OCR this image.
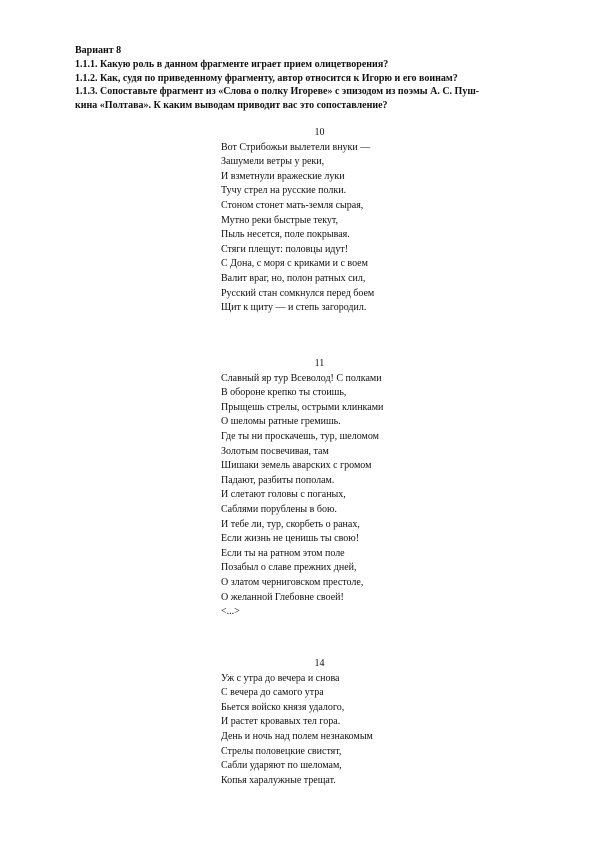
Вариант 8
1.1.1. Какую роль в данном фрагменте играет прием олицетворения?
1.1.2. Как, судя по приведенному фрагменту, автор относится к Игорю и его воинам?
1.1.3. Сопоставьте фрагмент из «Слова о полку Игореве» с эпизодом из поэмы А. С. Пуш-
кина «Полтава». К каким выводам приводит вас это сопоставление?
10
Вот Стрибожьи вылетели внуки —
Зашумели ветры у реки,
И взметнули вражеские луки
Тучу стрел на русские полки.
Стоном стонет мать-земля сырая,
Мутно реки быстрые текут,
Пыль несется, поле покрывая.
Стяги плещут: половцы идут!
С Дона, с моря с криками и с воем
Валит враг, но, полон ратных сил,
Русский стан сомкнулся перед боем
Щит к щиту — и степь загородил.
11
Славный яр тур Всеволод! С полками
В обороне крепко ты стоишь,
Прыщешь стрелы, острыми клинками
О шеломы ратные гремишь.
Где ты ни проскачешь, тур, шеломом
Золотым посвечивая, там
Шишаки земель аварских с громом
Падают, разбиты пополам.
И слетают головы с поганых,
Саблями порублены в бою.
И тебе ли, тур, скорбеть о ранах,
Если жизнь не ценишь ты свою!
Если ты на ратном этом поле
Позабыл о славе прежних дней,
О златом черниговском престоле,
О желанной Глебовне своей!
<...>
14
Уж с утра до вечера и снова
С вечера до самого утра
Бьется войско князя удалого,
И растет кровавых тел гора.
День и ночь над полем незнакомым
Стрелы половецкие свистят,
Сабли ударяют по шеломам,
Копья харалужные трещат.
